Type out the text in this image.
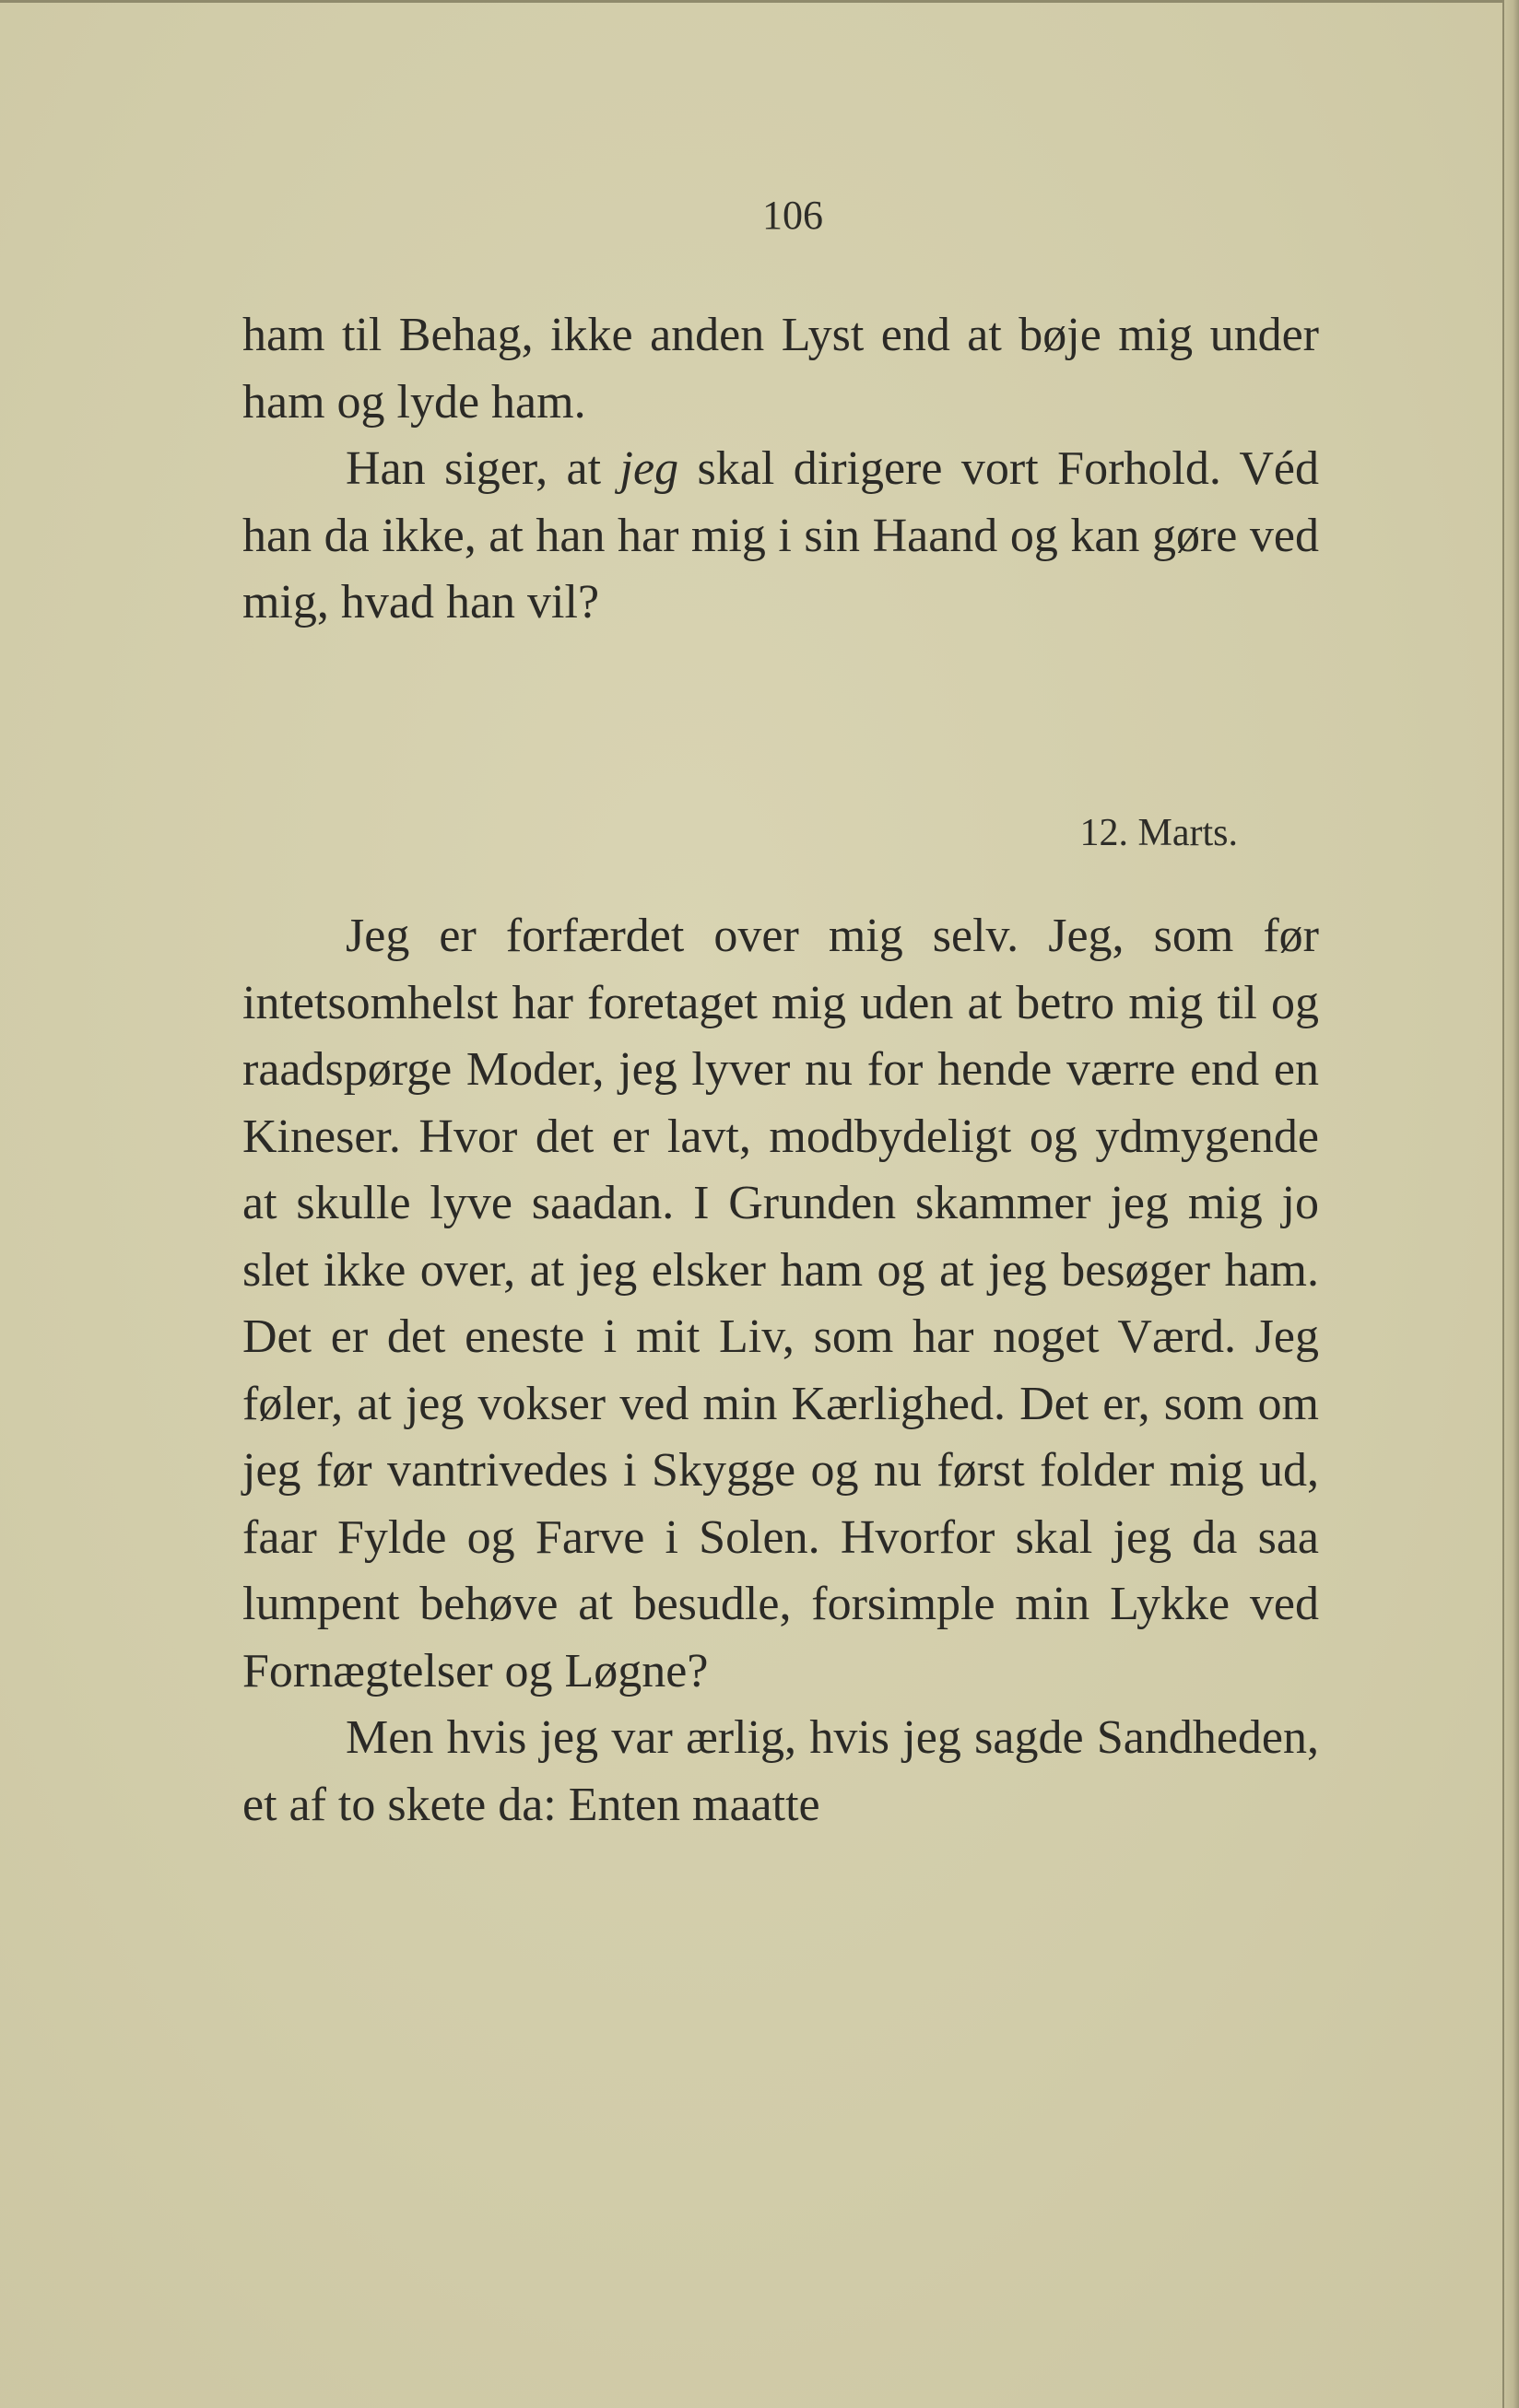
106

ham til Behag, ikke anden Lyst end at bøje mig under ham og lyde ham.

Han siger, at jeg skal dirigere vort Forhold. Véd han da ikke, at han har mig i sin Haand og kan gøre ved mig, hvad han vil?

12. Marts.

Jeg er forfærdet over mig selv. Jeg, som før intetsomhelst har foretaget mig uden at betro mig til og raadspørge Moder, jeg lyver nu for hende værre end en Kineser. Hvor det er lavt, modbydeligt og ydmygende at skulle lyve saadan. I Grunden skammer jeg mig jo slet ikke over, at jeg elsker ham og at jeg besøger ham. Det er det eneste i mit Liv, som har noget Værd. Jeg føler, at jeg vokser ved min Kærlighed. Det er, som om jeg før vantrivedes i Skygge og nu først folder mig ud, faar Fylde og Farve i Solen. Hvorfor skal jeg da saa lumpent behøve at besudle, forsimple min Lykke ved Fornægtelser og Løgne?

Men hvis jeg var ærlig, hvis jeg sagde Sandheden, et af to skete da: Enten maatte
